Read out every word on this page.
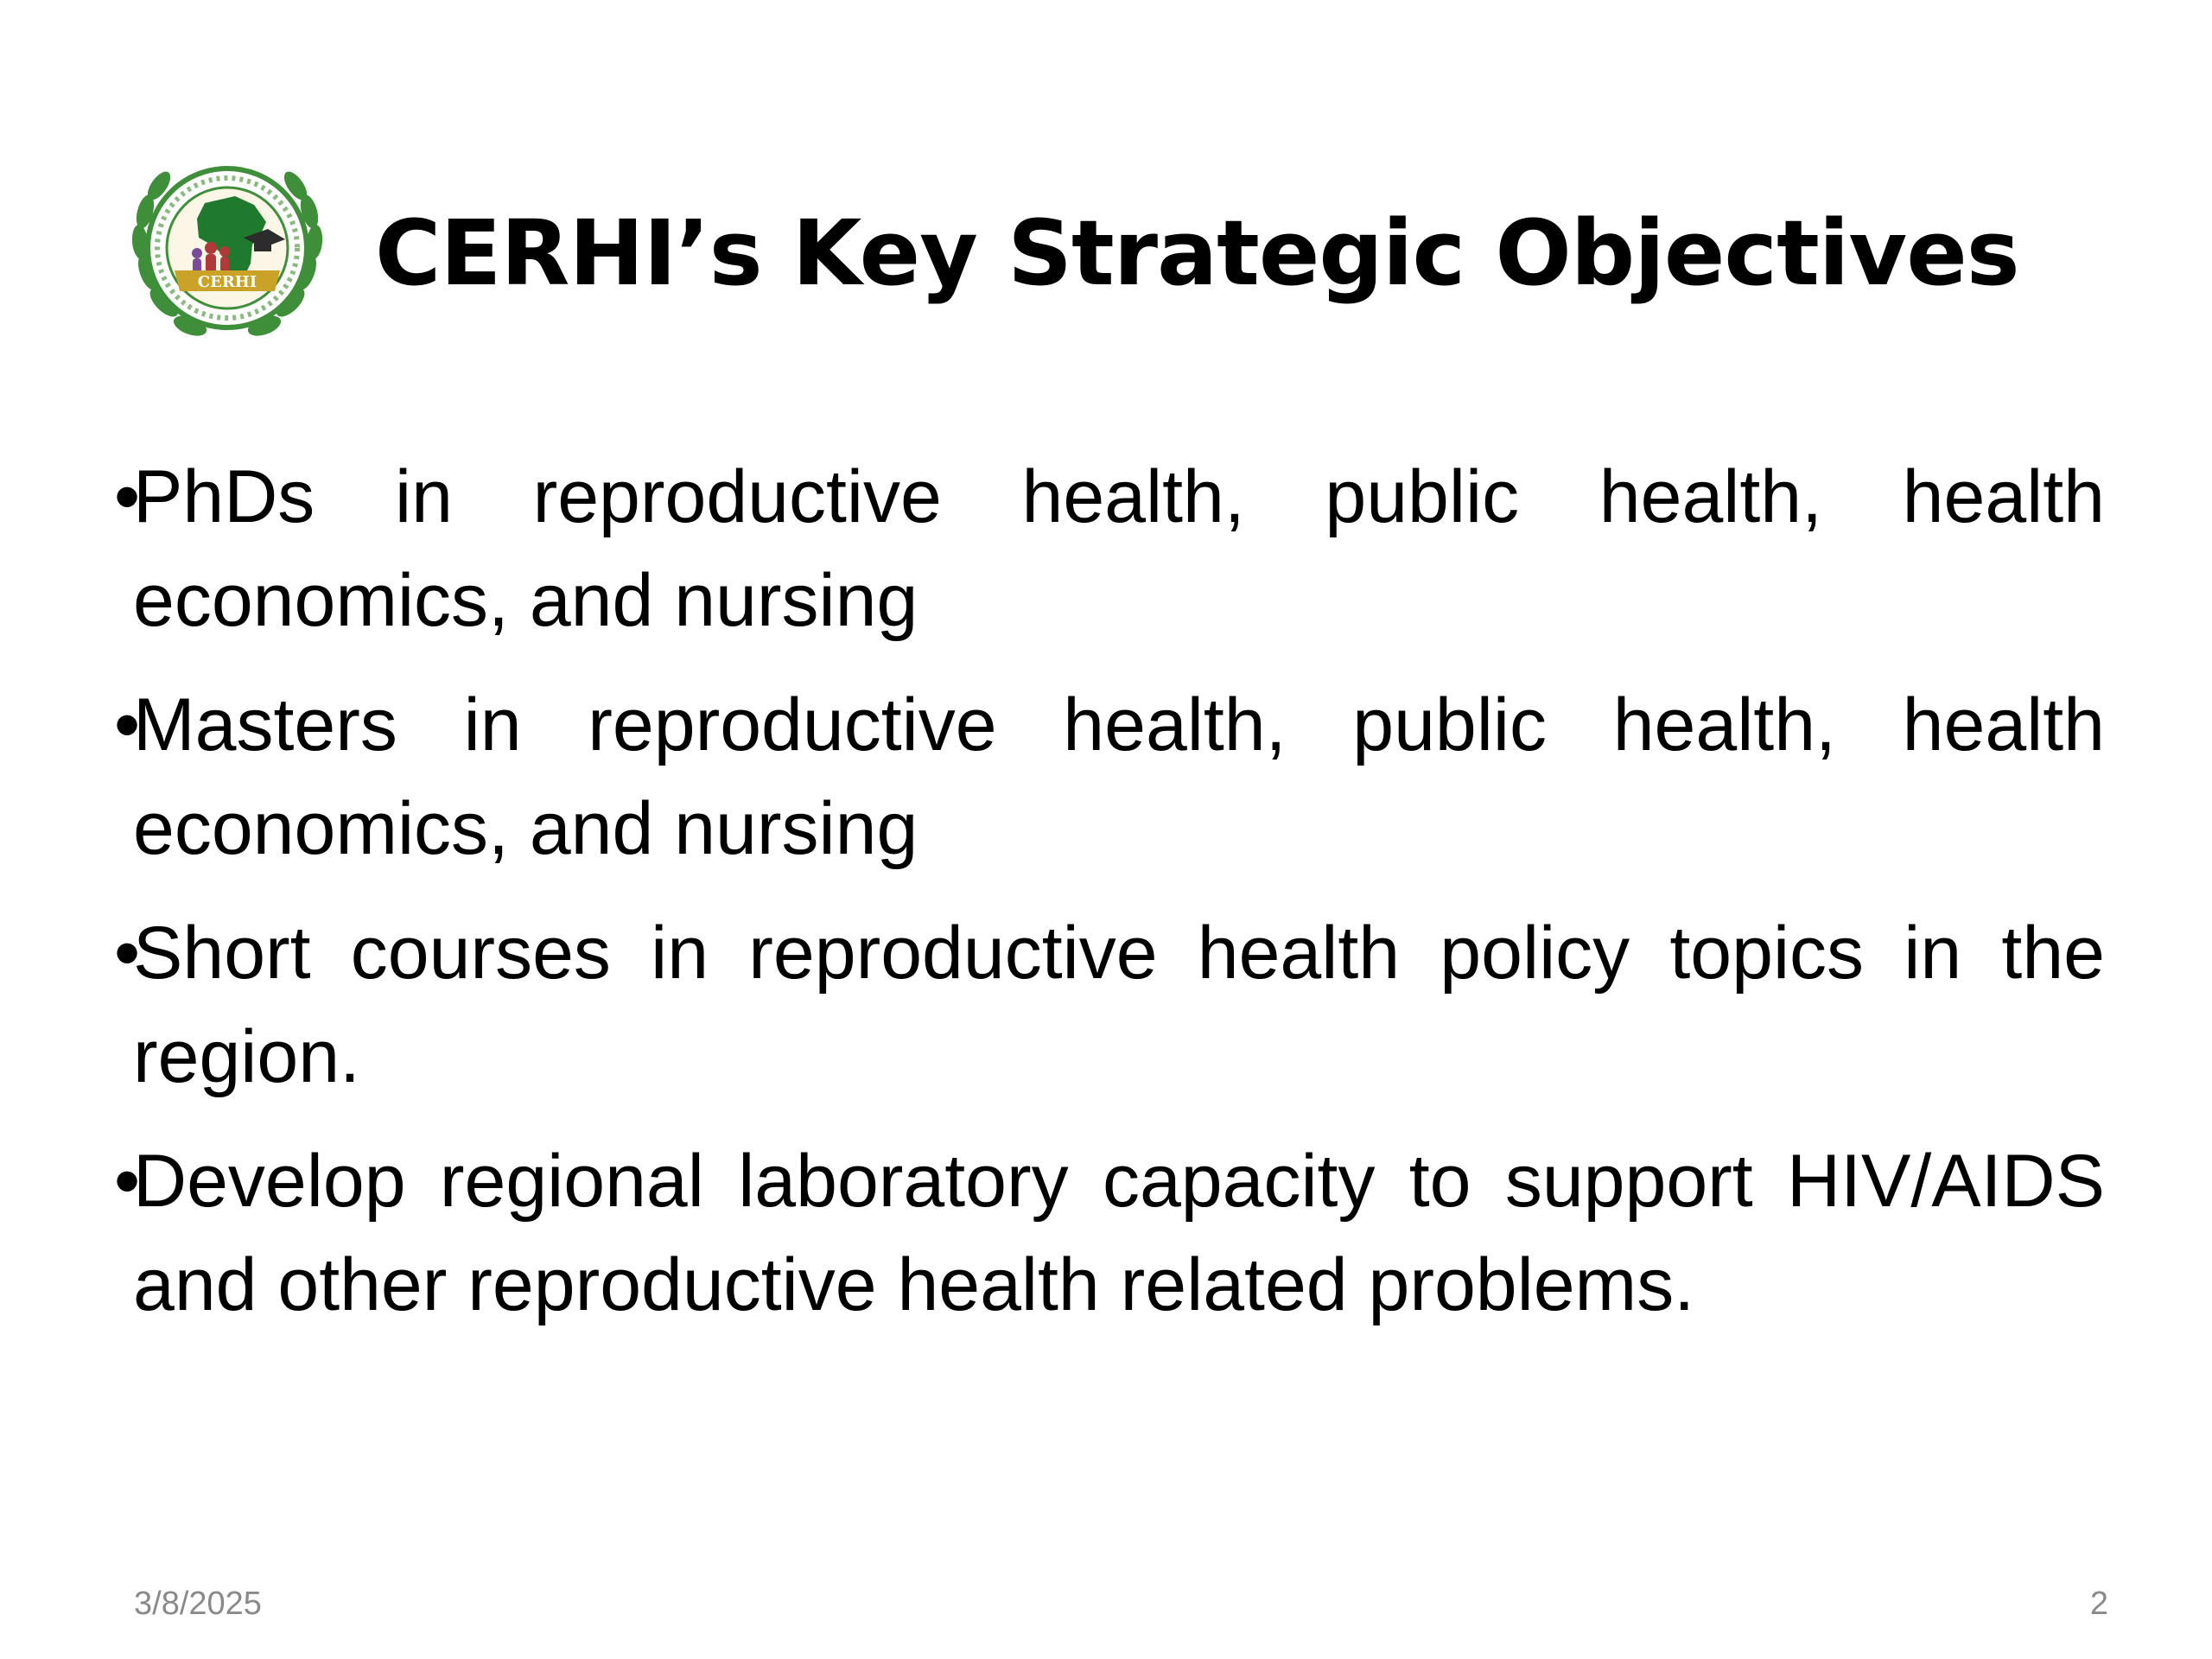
CERHI CERHI’s Key Strategic Objectives
•
PhDs in reproductive health, public health, health economics, and nursing
•
Masters in reproductive health, public health, health economics, and nursing
•
Short courses in reproductive health policy topics in the region.
•
Develop regional laboratory capacity to support HIV/AIDS and other reproductive health related problems.
3/8/2025	2
